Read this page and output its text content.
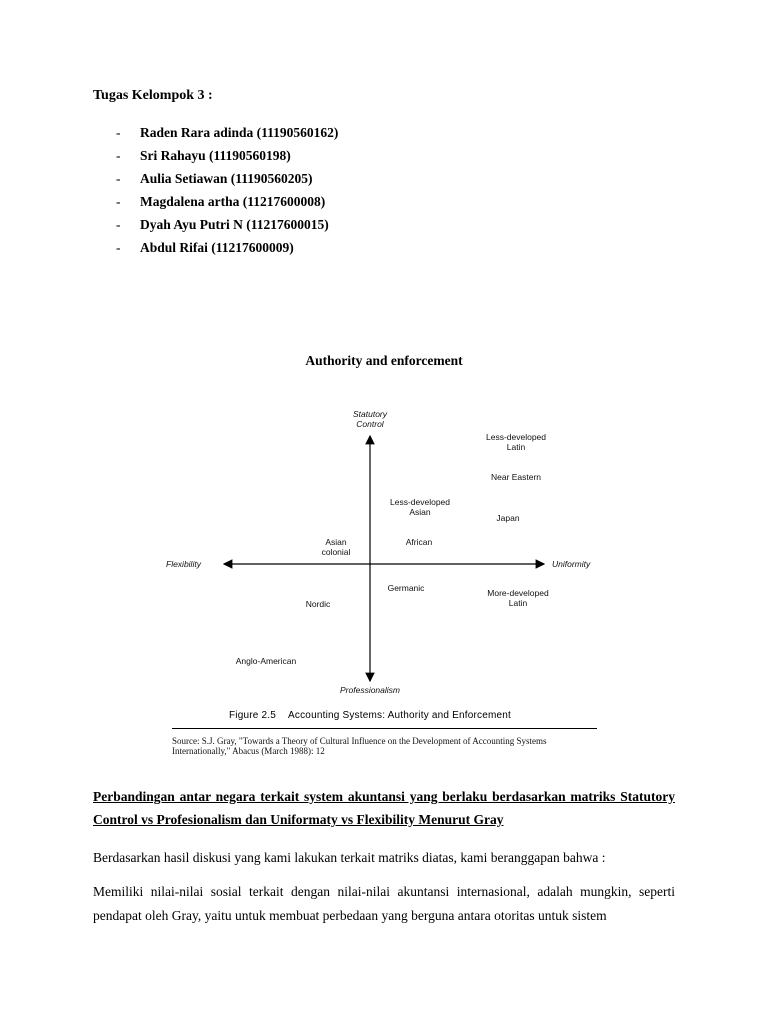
Tugas Kelompok 3 :
- Raden Rara adinda (11190560162)
- Sri Rahayu (11190560198)
- Aulia Setiawan (11190560205)
- Magdalena artha (11217600008)
- Dyah Ayu Putri N (11217600015)
- Abdul Rifai (11217600009)
Authority and enforcement
Statutory
Control
Professionalism
Flexibility	Uniformity
Less-developed
Latin
Near Eastern
Less-developed
Asian
Japan
Asian
colonial
African
Germanic	More-developed
Latin
Nordic
Anglo-American
Figure 2.5 Accounting Systems: Authority and Enforcement
Source: S.J. Gray, "Towards a Theory of Cultural Influence on the Development of Accounting Systems Internationally," Abacus (March 1988): 12
Perbandingan antar negara terkait system akuntansi yang berlaku berdasarkan matriks Statutory Control vs Profesionalism dan Uniformaty vs Flexibility Menurut Gray
Berdasarkan hasil diskusi yang kami lakukan terkait matriks diatas, kami beranggapan bahwa :
Memiliki nilai-nilai sosial terkait dengan nilai-nilai akuntansi internasional, adalah mungkin, seperti pendapat oleh Gray, yaitu untuk membuat perbedaan yang berguna antara otoritas untuk sistem
